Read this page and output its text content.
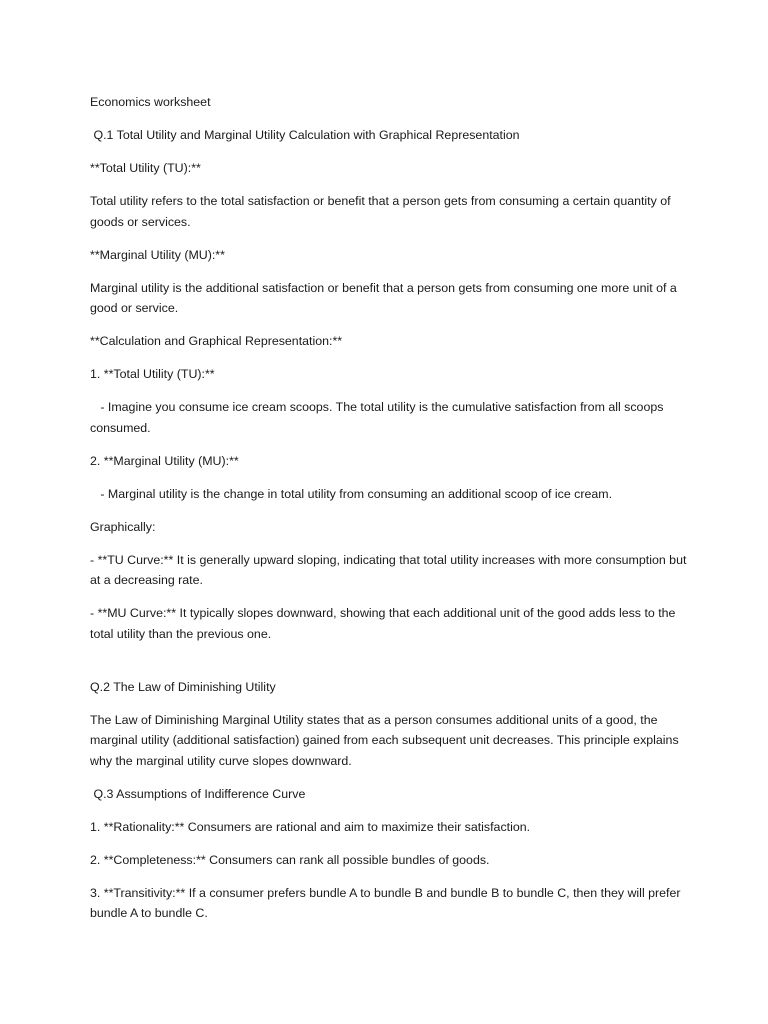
Economics worksheet

Q.1 Total Utility and Marginal Utility Calculation with Graphical Representation

**Total Utility (TU):**

Total utility refers to the total satisfaction or benefit that a person gets from consuming a certain quantity of goods or services.

**Marginal Utility (MU):**

Marginal utility is the additional satisfaction or benefit that a person gets from consuming one more unit of a good or service.

**Calculation and Graphical Representation:**

1. **Total Utility (TU):**

- Imagine you consume ice cream scoops. The total utility is the cumulative satisfaction from all scoops consumed.

2. **Marginal Utility (MU):**

- Marginal utility is the change in total utility from consuming an additional scoop of ice cream.

Graphically:

- **TU Curve:** It is generally upward sloping, indicating that total utility increases with more consumption but at a decreasing rate.

- **MU Curve:** It typically slopes downward, showing that each additional unit of the good adds less to the total utility than the previous one.

Q.2 The Law of Diminishing Utility

The Law of Diminishing Marginal Utility states that as a person consumes additional units of a good, the marginal utility (additional satisfaction) gained from each subsequent unit decreases. This principle explains why the marginal utility curve slopes downward.

Q.3 Assumptions of Indifference Curve

1. **Rationality:** Consumers are rational and aim to maximize their satisfaction.

2. **Completeness:** Consumers can rank all possible bundles of goods.

3. **Transitivity:** If a consumer prefers bundle A to bundle B and bundle B to bundle C, then they will prefer bundle A to bundle C.
